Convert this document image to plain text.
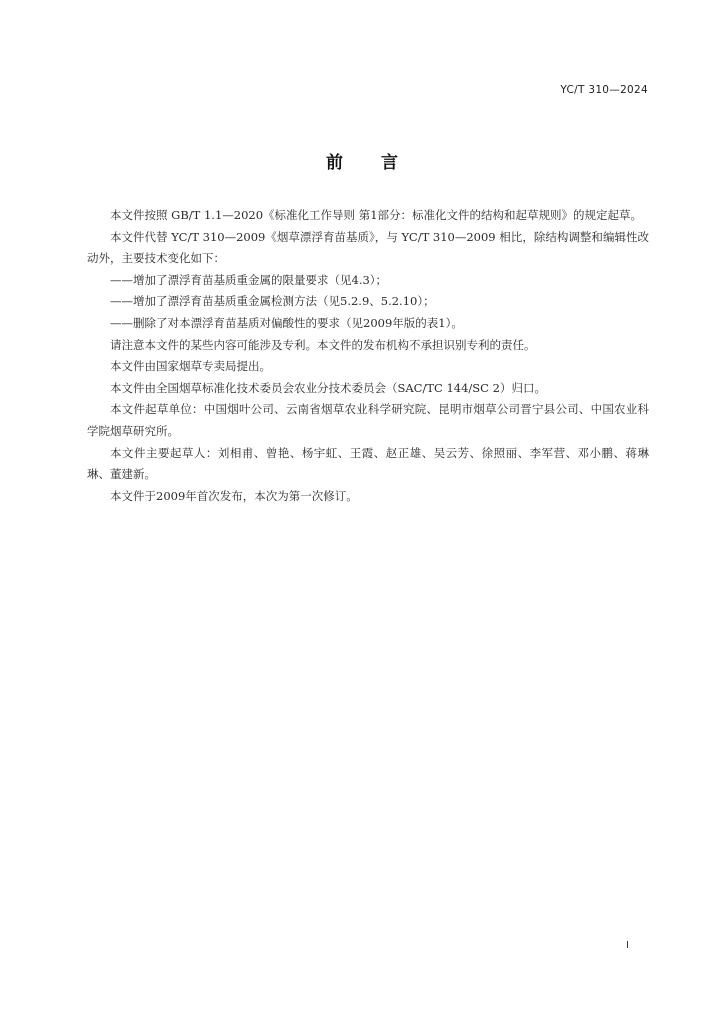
YC/T 310—2024
前言

本文件按照 GB/T 1.1—2020《标准化工作导则 第1部分：标准化文件的结构和起草规则》的规定起草。

本文件代替 YC/T 310—2009《烟草漂浮育苗基质》，与 YC/T 310—2009 相比，除结构调整和编辑性改动外，主要技术变化如下：

——增加了漂浮育苗基质重金属的限量要求（见4.3）；

——增加了漂浮育苗基质重金属检测方法（见5.2.9、5.2.10）；

——删除了对本漂浮育苗基质对偏酸性的要求（见2009年版的表1）。

请注意本文件的某些内容可能涉及专利。本文件的发布机构不承担识别专利的责任。

本文件由国家烟草专卖局提出。

本文件由全国烟草标准化技术委员会农业分技术委员会（SAC/TC 144/SC 2）归口。

本文件起草单位：中国烟叶公司、云南省烟草农业科学研究院、昆明市烟草公司晋宁县公司、中国农业科学院烟草研究所。

本文件主要起草人：刘相甫、曾艳、杨宇虹、王霞、赵正雄、吴云芳、徐照丽、李军营、邓小鹏、蒋琳琳、董建新。

本文件于2009年首次发布，本次为第一次修订。

I
